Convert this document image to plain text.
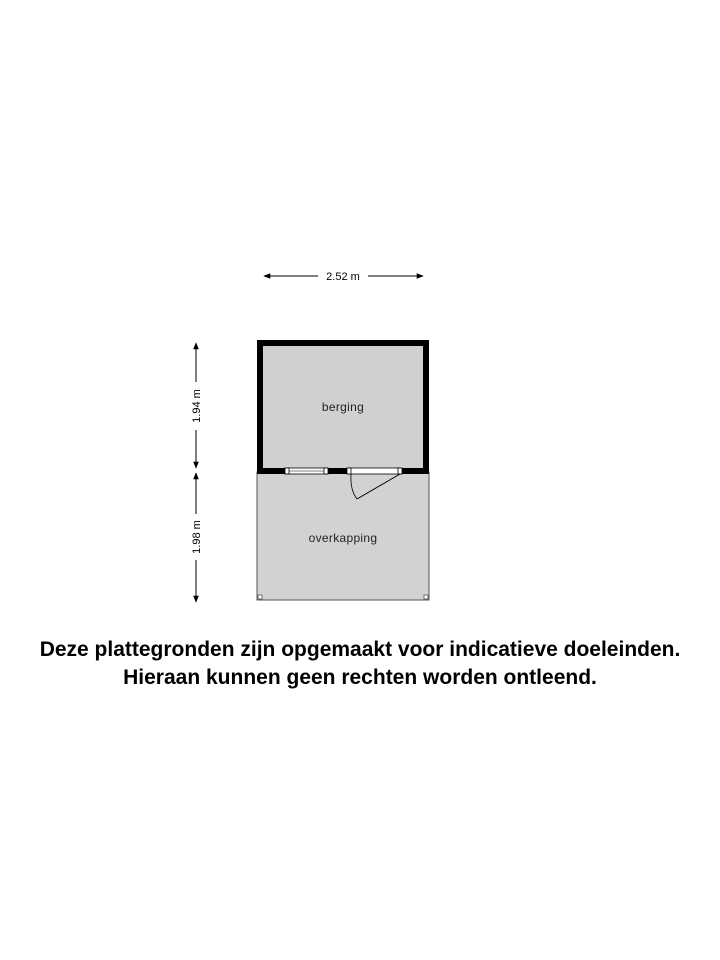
2.52 m
1.94 m
1.98 m
berging
overkapping
Deze plattegronden zijn opgemaakt voor indicatieve doeleinden.
Hieraan kunnen geen rechten worden ontleend.
